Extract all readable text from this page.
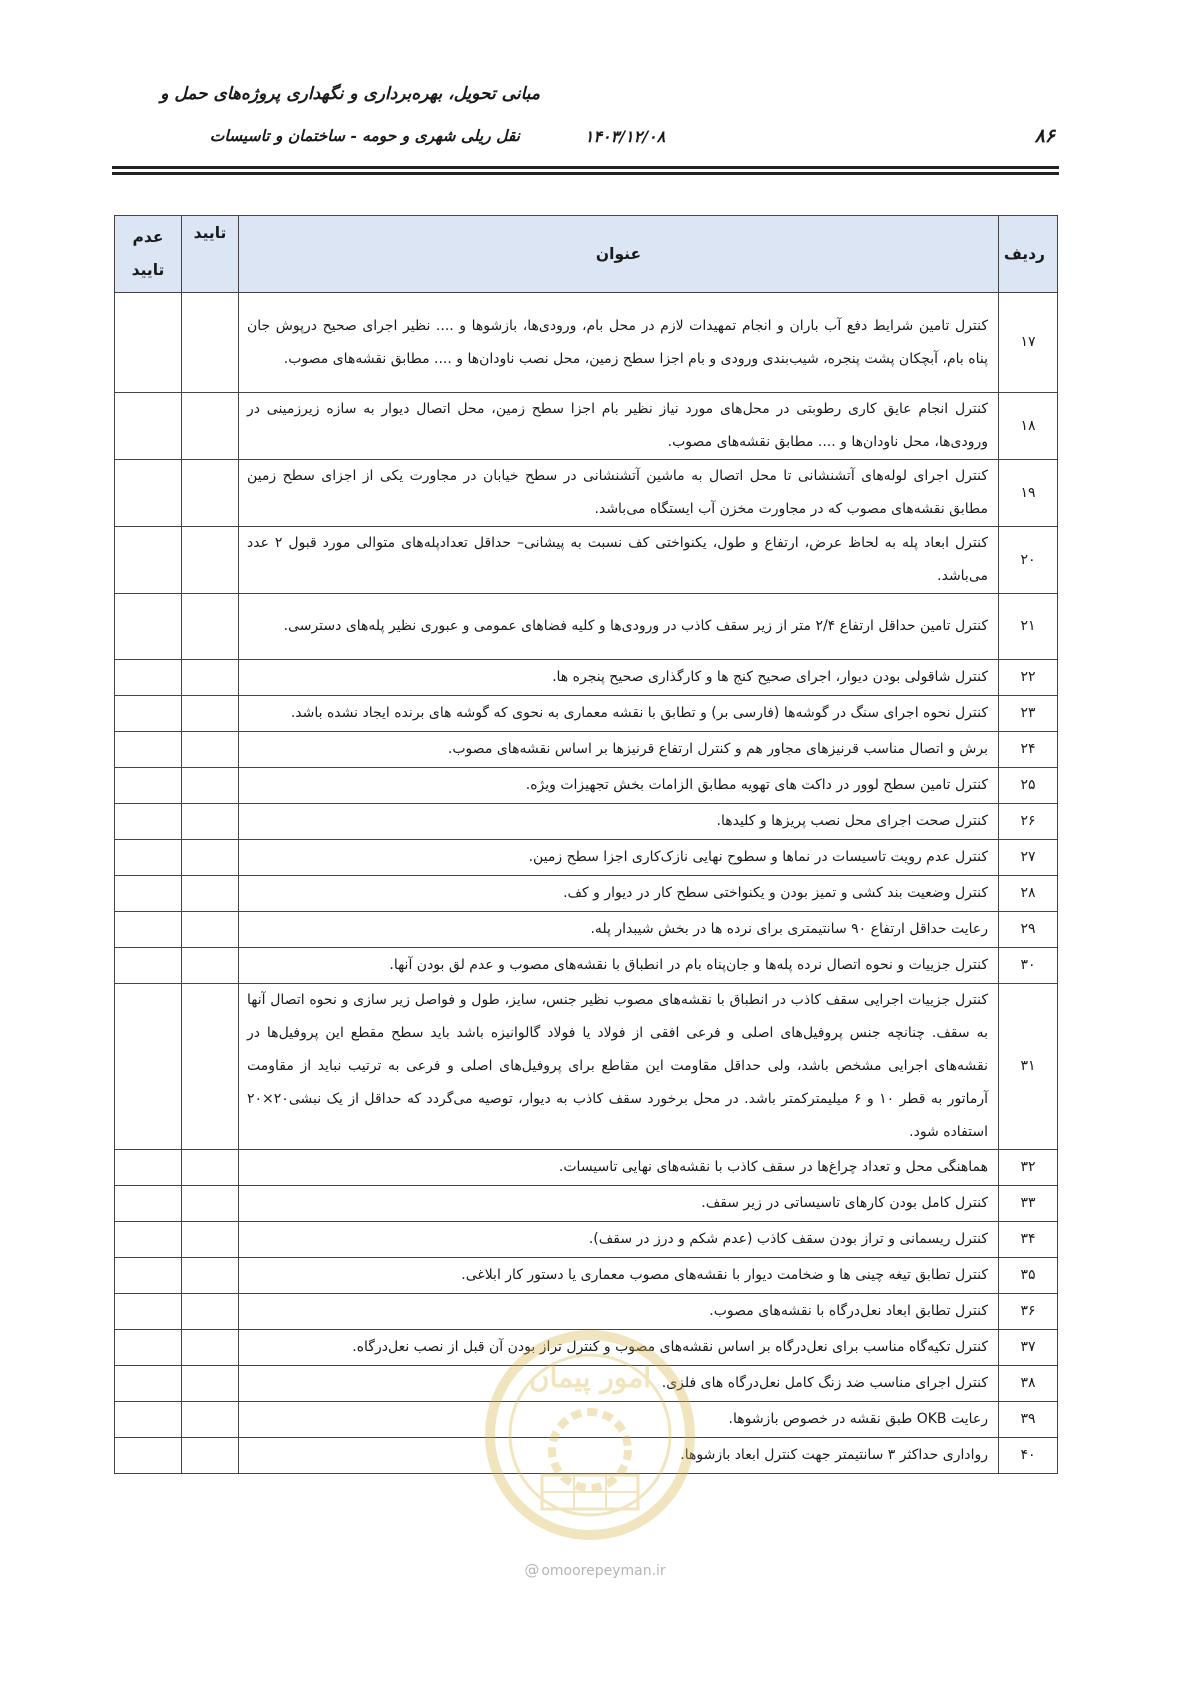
مبانی تحویل، بهره‌برداری و نگهداری پروژه‌های حمل و
نقل ریلی شهری و حومه - ساختمان و تاسیسات	۱۴۰۳/۱۲/۰۸	۸۶
ردیف	عنوان	تایید	عدم
تایید

۱۷	کنترل تامین شرایط دفع آب باران و انجام تمهیدات لازم در محل بام، ورودی‌ها، بازشوها و .... نظیر اجرای صحیح درپوش جان پناه بام، آبچکان پشت پنجره، شیب‌بندی ورودی و بام اجزا سطح زمین، محل نصب ناودان‌ها و .... مطابق نقشه‌های مصوب.		
۱۸	کنترل انجام عایق کاری رطوبتی در محل‌های مورد نیاز نظیر بام اجزا سطح زمین، محل اتصال دیوار به سازه زیرزمینی در ورودی‌ها، محل ناودان‌ها و .... مطابق نقشه‌های مصوب.		
۱۹	کنترل اجرای لوله‌های آتشنشانی تا محل اتصال به ماشین آتشنشانی در سطح خیابان در مجاورت یکی از اجزای سطح زمین مطابق نقشه‌های مصوب که در مجاورت مخزن آب ایستگاه می‌باشد.		
۲۰	کنترل ابعاد پله به لحاظ عرض، ارتفاع و طول، یکنواختی کف نسبت به پیشانی– حداقل تعدادپله‌های متوالی مورد قبول ۲ عدد می‌باشد.		
۲۱	کنترل تامین حداقل ارتفاع ۲/۴ متر از زیر سقف کاذب در ورودی‌ها و کلیه فضاهای عمومی و عبوری نظیر پله‌های دسترسی.		
۲۲	کنترل شاقولی بودن دیوار، اجرای صحیح کنج ها و کارگذاری صحیح پنجره ها.		
۲۳	کنترل نحوه اجرای سنگ در گوشه‌ها (فارسی بر) و تطابق با نقشه معماری به نحوی که گوشه های برنده ایجاد نشده باشد.		
۲۴	برش و اتصال مناسب قرنیزهای مجاور هم و کنترل ارتفاع قرنیزها بر اساس نقشه‌های مصوب.		
۲۵	کنترل تامین سطح لوور در داکت های تهویه مطابق الزامات بخش تجهیزات ویژه.		
۲۶	کنترل صحت اجرای محل نصب پریزها و کلیدها.		
۲۷	کنترل عدم رویت تاسیسات در نماها و سطوح نهایی نازک‌کاری اجزا سطح زمین.		
۲۸	کنترل وضعیت بند کشی و تمیز بودن و یکنواختی سطح کار در دیوار و کف.		
۲۹	رعایت حداقل ارتفاع ۹۰ سانتیمتری برای نرده ها در بخش شیبدار پله.		
۳۰	کنترل جزییات و نحوه اتصال نرده پله‌ها و جان‌پناه بام در انطباق با نقشه‌های مصوب و عدم لق بودن آنها.		
۳۱	کنترل جزییات اجرایی سقف کاذب در انطباق با نقشه‌های مصوب نظیر جنس، سایز، طول و فواصل زیر سازی و نحوه اتصال آنها به سقف. چنانچه جنس پروفیل‌های اصلی و فرعی افقی از فولاد یا فولاد گالوانیزه باشد باید سطح مقطع این پروفیل‌ها در نقشه‌های اجرایی مشخص باشد، ولی حداقل مقاومت این مقاطع برای پروفیل‌های اصلی و فرعی به ترتیب نباید از مقاومت آرماتور به قطر ۱۰ و ۶ میلیمترکمتر باشد. در محل برخورد سقف کاذب به دیوار، توصیه می‌گردد که حداقل از یک نبشی۲۰×۲۰ استفاده شود.		
۳۲	هماهنگی محل و تعداد چراغ‌ها در سقف کاذب با نقشه‌های نهایی تاسیسات.		
۳۳	کنترل کامل بودن کارهای تاسیساتی در زیر سقف.		
۳۴	کنترل ریسمانی و تراز بودن سقف کاذب (عدم شکم و درز در سقف).		
۳۵	کنترل تطابق تیغه چینی ها و ضخامت دیوار با نقشه‌های مصوب معماری یا دستور کار ابلاغی.		
۳۶	کنترل تطابق ابعاد نعل‌درگاه با نقشه‌های مصوب.		
۳۷	کنترل تکیه‌گاه مناسب برای نعل‌درگاه بر اساس نقشه‌های مصوب و کنترل تراز بودن آن قبل از نصب نعل‌درگاه.		
۳۸	کنترل اجرای مناسب ضد زنگ کامل نعل‌درگاه های فلزی.		
۳۹	رعایت OKB طبق نقشه در خصوص بازشوها.		
۴۰	رواداری حداکثر ۳ سانتیمتر جهت کنترل ابعاد بازشوها.		
امور پیمان
@ omoorepeyman.ir
